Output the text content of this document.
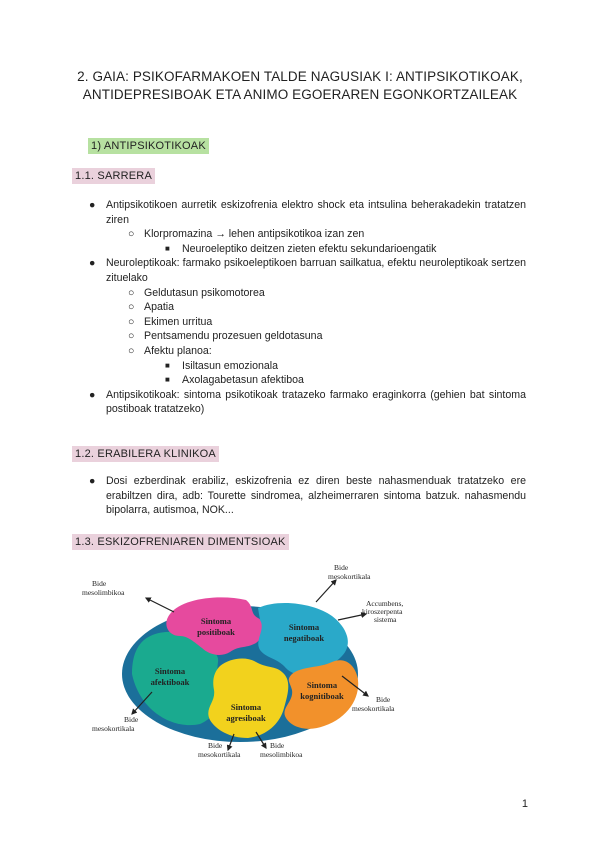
2. GAIA: PSIKOFARMAKOEN TALDE NAGUSIAK I: ANTIPSIKOTIKOAK,
ANTIDEPRESIBOAK ETA ANIMO EGOERAREN EGONKORTZAILEAK
1) ANTIPSIKOTIKOAK
1.1. SARRERA
● Antipsikotikoen aurretik eskizofrenia elektro shock eta intsulina beherakadekin tratatzen ziren
○ Klorpromazina → lehen antipsikotikoa izan zen
■ Neuroeleptiko deitzen zieten efektu sekundarioengatik
● Neuroleptikoak: farmako psikoeleptikoen barruan sailkatua, efektu neuroleptikoak sertzen zituelako
○ Geldutasun psikomotorea
○ Apatia
○ Ekimen urritua
○ Pentsamendu prozesuen geldotasuna
○ Afektu planoa:
■ Isiltasun emozionala
■ Axolagabetasun afektiboa
● Antipsikotikoak: sintoma psikotikoak tratazeko farmako eraginkorra (gehien bat sintoma postiboak tratatzeko)
1.2. ERABILERA KLINIKOA
● Dosi ezberdinak erabiliz, eskizofrenia ez diren beste nahasmenduak tratatzeko ere erabiltzen dira, adb: Tourette sindromea, alzheimerraren sintoma batzuk. nahasmendu bipolarra, autismoa, NOK...
1.3. ESKIZOFRENIAREN DIMENTSIOAK
Sintoma positiboak	Sintoma negatiboak
Sintoma afektiboak
Sintoma agresiboak
Sintoma kognitiboak
Bide mesolimbikoa
Bide mesokortikala
Accumbens, kiroszerpenta sistema
Bide mesokortikala
Bide mesokortikala
Bide mesokortikala
Bide mesolimbikoa
1
